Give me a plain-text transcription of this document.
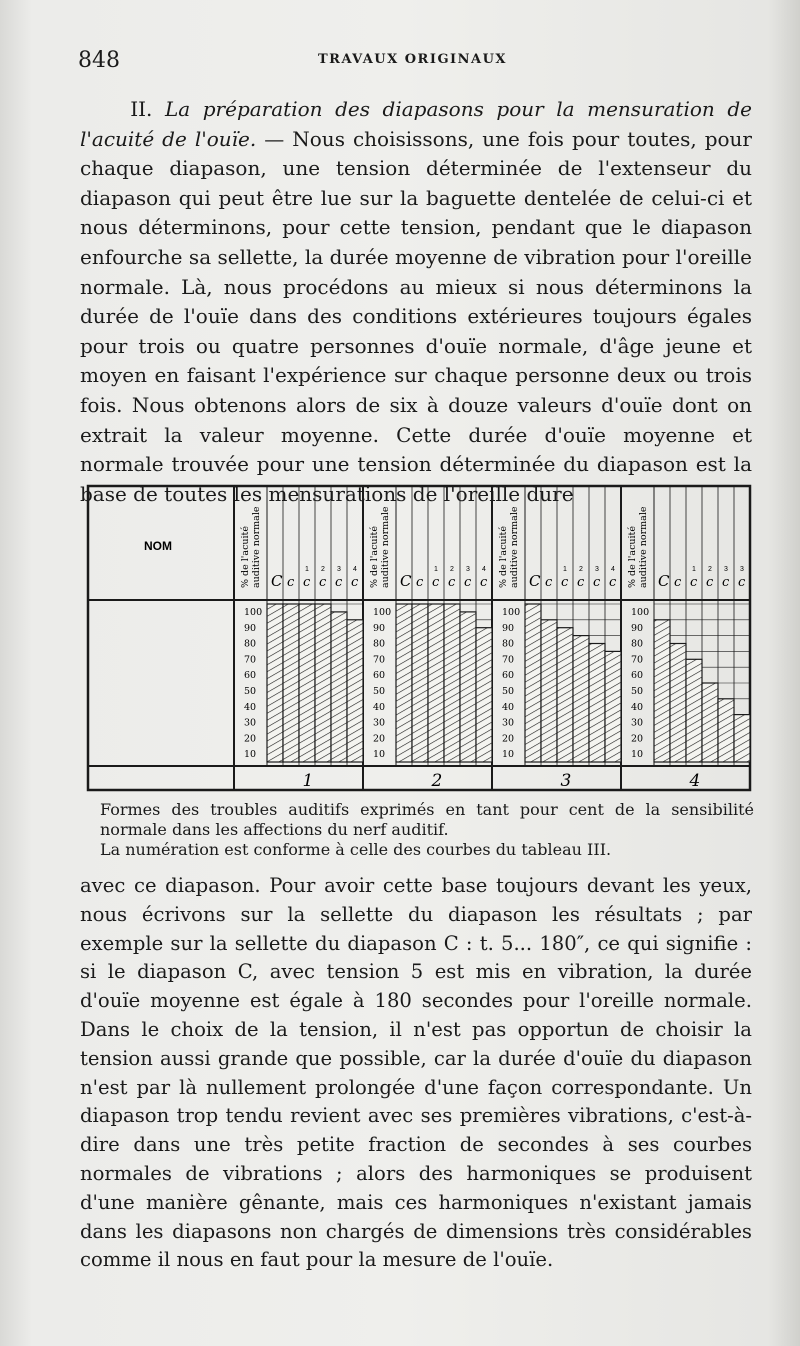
848	TRAVAUX ORIGINAUX
II. La préparation des diapasons pour la mensuration de l'acuité de l'ouïe. — Nous choisissons, une fois pour toutes, pour chaque diapason, une tension déterminée de l'extenseur du diapason qui peut être lue sur la baguette dentelée de celui-ci et nous déterminons, pour cette tension, pendant que le diapason enfourche sa sellette, la durée moyenne de vibration pour l'oreille normale. Là, nous procédons au mieux si nous déterminons la durée de l'ouïe dans des conditions extérieures toujours égales pour trois ou quatre personnes d'ouïe normale, d'âge jeune et moyen en faisant l'expérience sur chaque personne deux ou trois fois. Nous obtenons alors de six à douze valeurs d'ouïe dont on extrait la valeur moyenne. Cette durée d'ouïe moyenne et normale trouvée pour une tension déterminée du diapason est la base de toutes les mensurations de l'oreille dure
NOM	% de l'acuitéauditive normale C c c
1
c
2
c
3
c
4
100
90
80
70
60
50
40
30
20
10
1
% de l'acuitéauditive normale C c c
1
c
2
c
3
c
4
100
90
80
70
60
50
40
30
20
10
2
% de l'acuitéauditive normale C c c
1
c
2
c
3
c
4
100
90
80
70
60
50
40
30
20
10
3
% de l'acuitéauditive normale C c c
1
c
2
c
3
c
3
100
90
80
70
60
50
40
30
20
10
4

Formes des troubles auditifs exprimés en tant pour cent de la sensibilité normale dans les affections du nerf auditif.

La numération est conforme à celle des courbes du tableau III.

avec ce diapason. Pour avoir cette base toujours devant les yeux, nous écrivons sur la sellette du diapason les résultats ; par exemple sur la sellette du diapason C : t. 5... 180″, ce qui signifie : si le diapason C, avec tension 5 est mis en vibration, la durée d'ouïe moyenne est égale à 180 secondes pour l'oreille normale. Dans le choix de la tension, il n'est pas opportun de choisir la tension aussi grande que possible, car la durée d'ouïe du diapason n'est par là nullement prolongée d'une façon correspondante. Un diapason trop tendu revient avec ses premières vibrations, c'est-à-dire dans une très petite fraction de secondes à ses courbes normales de vibrations ; alors des harmoniques se produisent d'une manière gênante, mais ces harmoniques n'existant jamais dans les diapasons non chargés de dimensions très considérables comme il nous en faut pour la mesure de l'ouïe.
